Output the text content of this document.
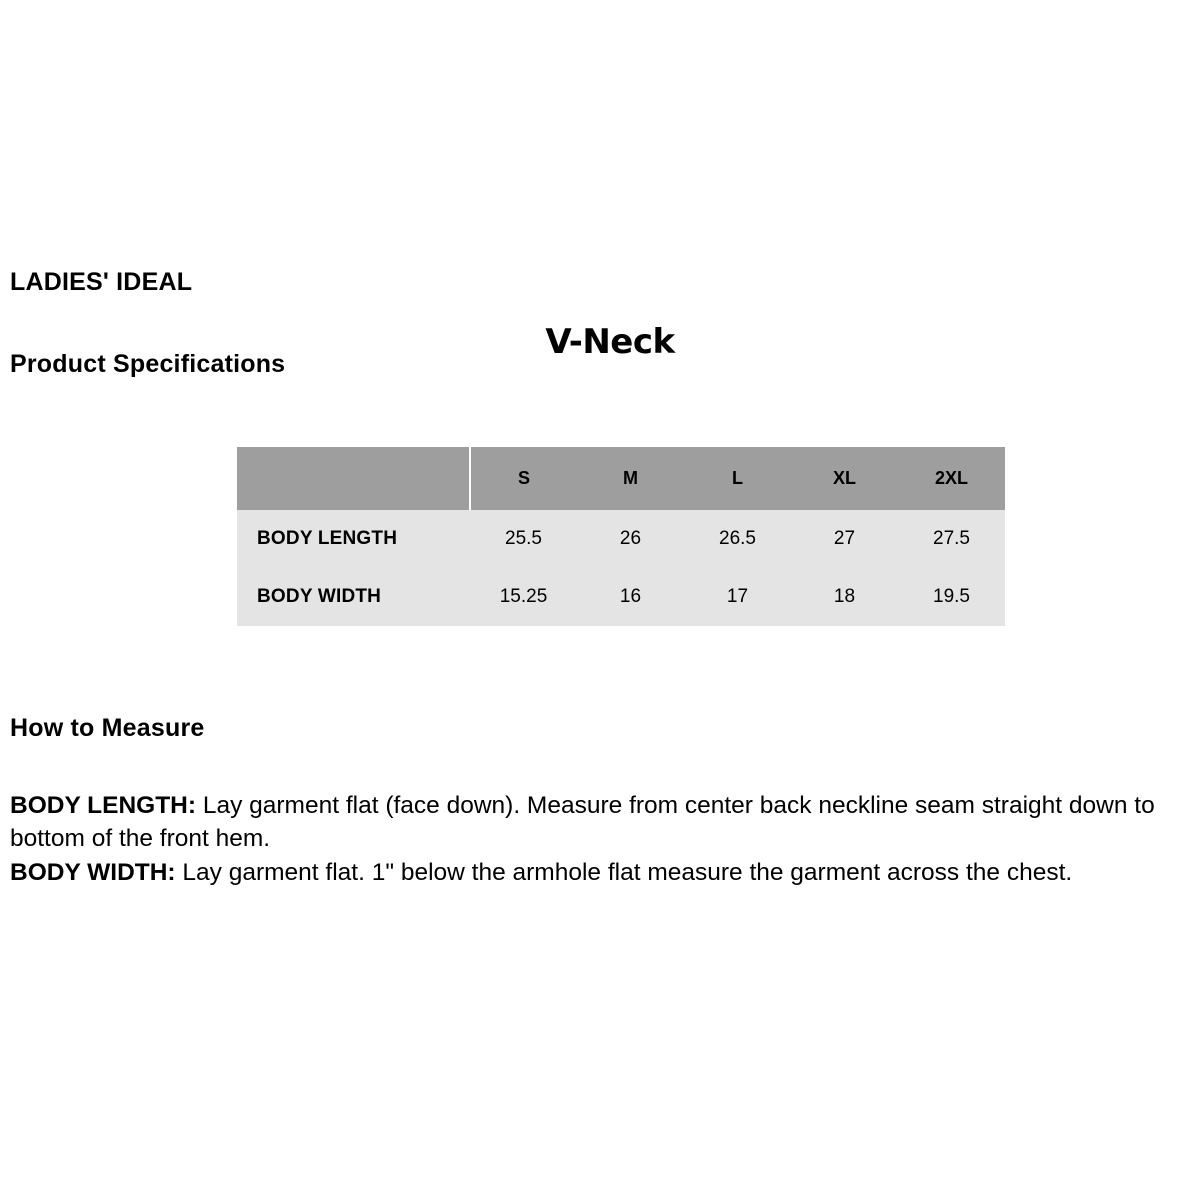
LADIES' IDEAL
Product Specifications
V-Neck
	S	M	L	XL	2XL
BODY LENGTH	25.5	26	26.5	27	27.5
BODY WIDTH	15.25	16	17	18	19.5
How to Measure

BODY LENGTH: Lay garment flat (face down). Measure from center back neckline seam straight down to bottom of the front hem.

BODY WIDTH: Lay garment flat. 1" below the armhole flat measure the garment across the chest.
